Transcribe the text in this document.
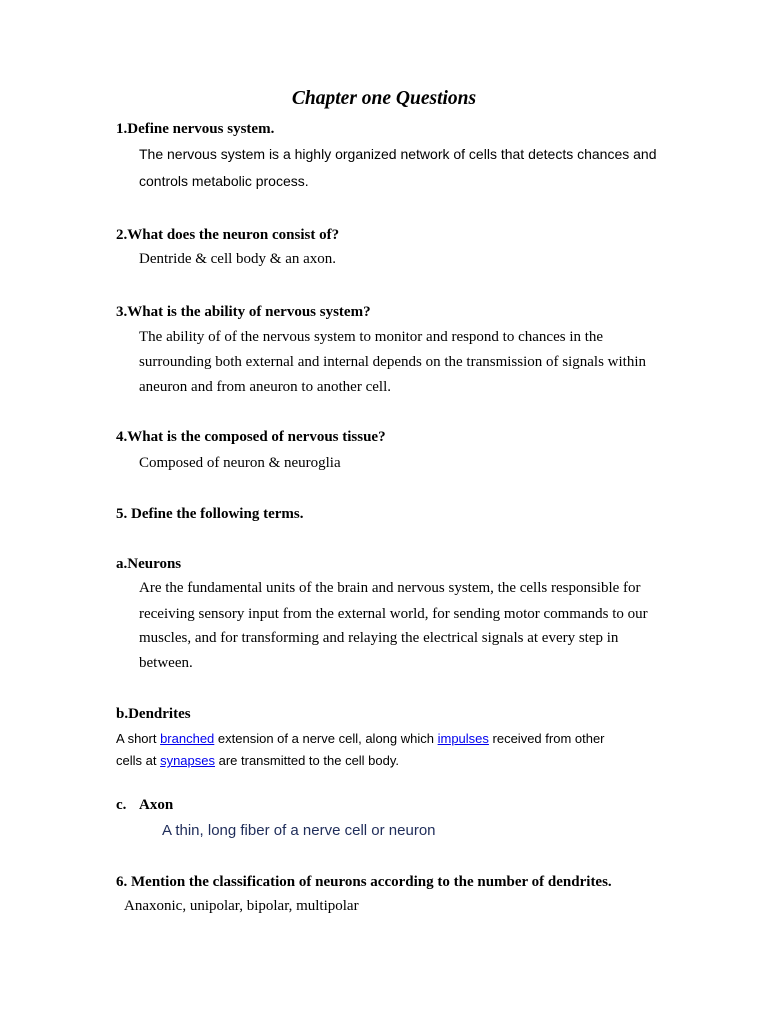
Chapter one Questions
1.Define nervous system.
The nervous system is a highly organized network of cells that detects chances and
controls metabolic process.
2.What does the neuron consist of?
Dentride & cell body & an axon.
3.What is the ability of nervous system?
The ability of of the nervous system to monitor and respond to chances in the
surrounding both external and internal depends on the transmission of signals within
aneuron and from aneuron to another cell.
4.What is the composed of nervous tissue?
Composed of neuron & neuroglia
5. Define the following terms.
a.Neurons
Are the fundamental units of the brain and nervous system, the cells responsible for
receiving sensory input from the external world, for sending motor commands to our
muscles, and for transforming and relaying the electrical signals at every step in
between.
b.Dendrites
A short branched extension of a nerve cell, along which impulses received from other
cells at synapses are transmitted to the cell body.
c. Axon
A thin, long fiber of a nerve cell or neuron
6. Mention the classification of neurons according to the number of dendrites.
Anaxonic, unipolar, bipolar, multipolar
